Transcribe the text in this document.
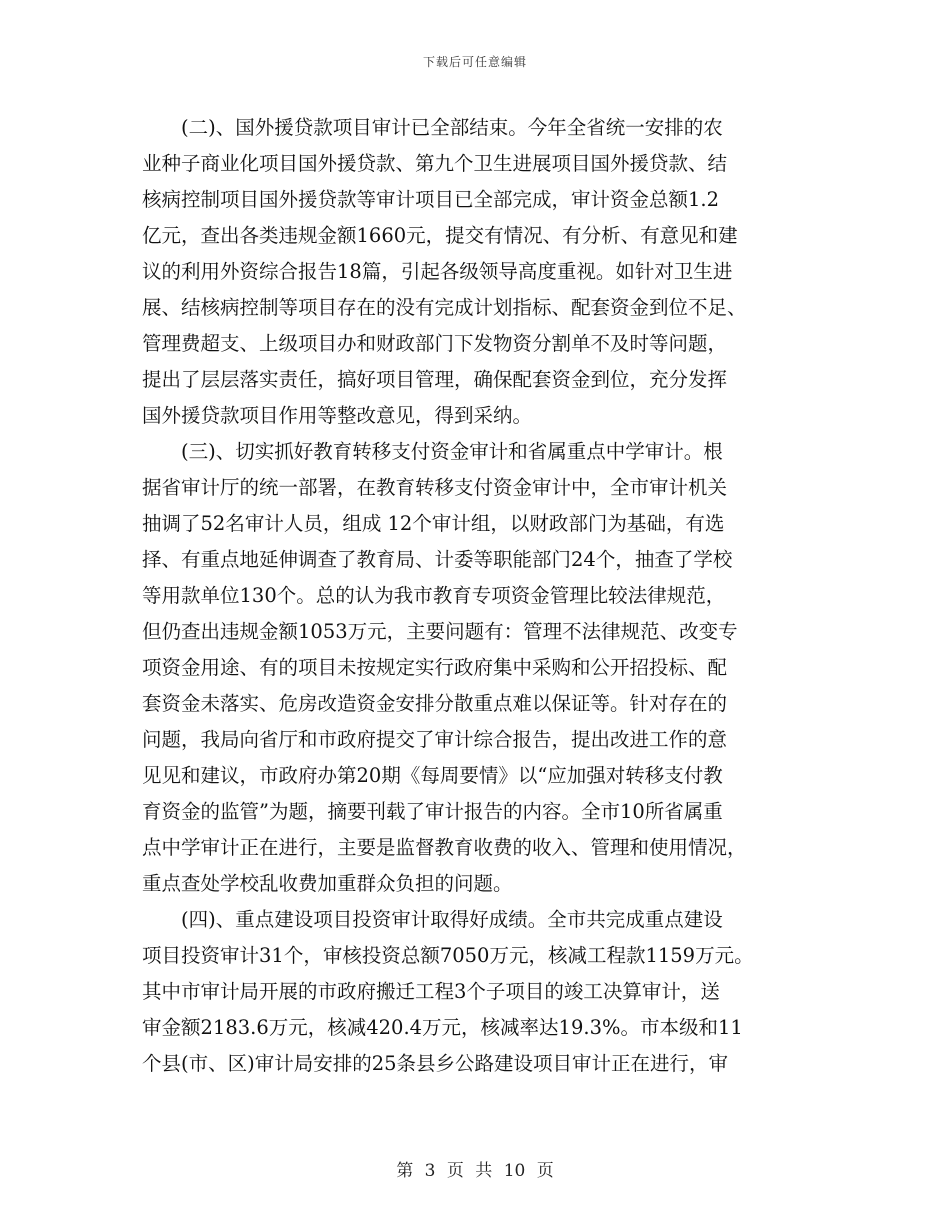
下载后可任意编辑
　　(二)、国外援贷款项目审计已全部结束。今年全省统一安排的农
业种子商业化项目国外援贷款、第九个卫生进展项目国外援贷款、结
核病控制项目国外援贷款等审计项目已全部完成，审计资金总额1.2
亿元，查出各类违规金额1660元，提交有情况、有分析、有意见和建
议的利用外资综合报告18篇，引起各级领导高度重视。如针对卫生进
展、结核病控制等项目存在的没有完成计划指标、配套资金到位不足、
管理费超支、上级项目办和财政部门下发物资分割单不及时等问题，
提出了层层落实责任，搞好项目管理，确保配套资金到位，充分发挥
国外援贷款项目作用等整改意见，得到采纳。
　　(三)、切实抓好教育转移支付资金审计和省属重点中学审计。根
据省审计厅的统一部署，在教育转移支付资金审计中，全市审计机关
抽调了52名审计人员，组成 12个审计组，以财政部门为基础，有选
择、有重点地延伸调查了教育局、计委等职能部门24个，抽查了学校
等用款单位130个。总的认为我市教育专项资金管理比较法律规范，
但仍查出违规金额1053万元，主要问题有：管理不法律规范、改变专
项资金用途、有的项目未按规定实行政府集中采购和公开招投标、配
套资金未落实、危房改造资金安排分散重点难以保证等。针对存在的
问题，我局向省厅和市政府提交了审计综合报告，提出改进工作的意
见见和建议，市政府办第20期《每周要情》以“应加强对转移支付教
育资金的监管”为题，摘要刊载了审计报告的内容。全市10所省属重
点中学审计正在进行，主要是监督教育收费的收入、管理和使用情况，
重点查处学校乱收费加重群众负担的问题。
　　(四)、重点建设项目投资审计取得好成绩。全市共完成重点建设
项目投资审计31个，审核投资总额7050万元，核减工程款1159万元。
其中市审计局开展的市政府搬迁工程3个子项目的竣工决算审计，送
审金额2183.6万元，核减420.4万元，核减率达19.3%。市本级和11
个县(市、区)审计局安排的25条县乡公路建设项目审计正在进行，审
第 3 页 共 10 页
